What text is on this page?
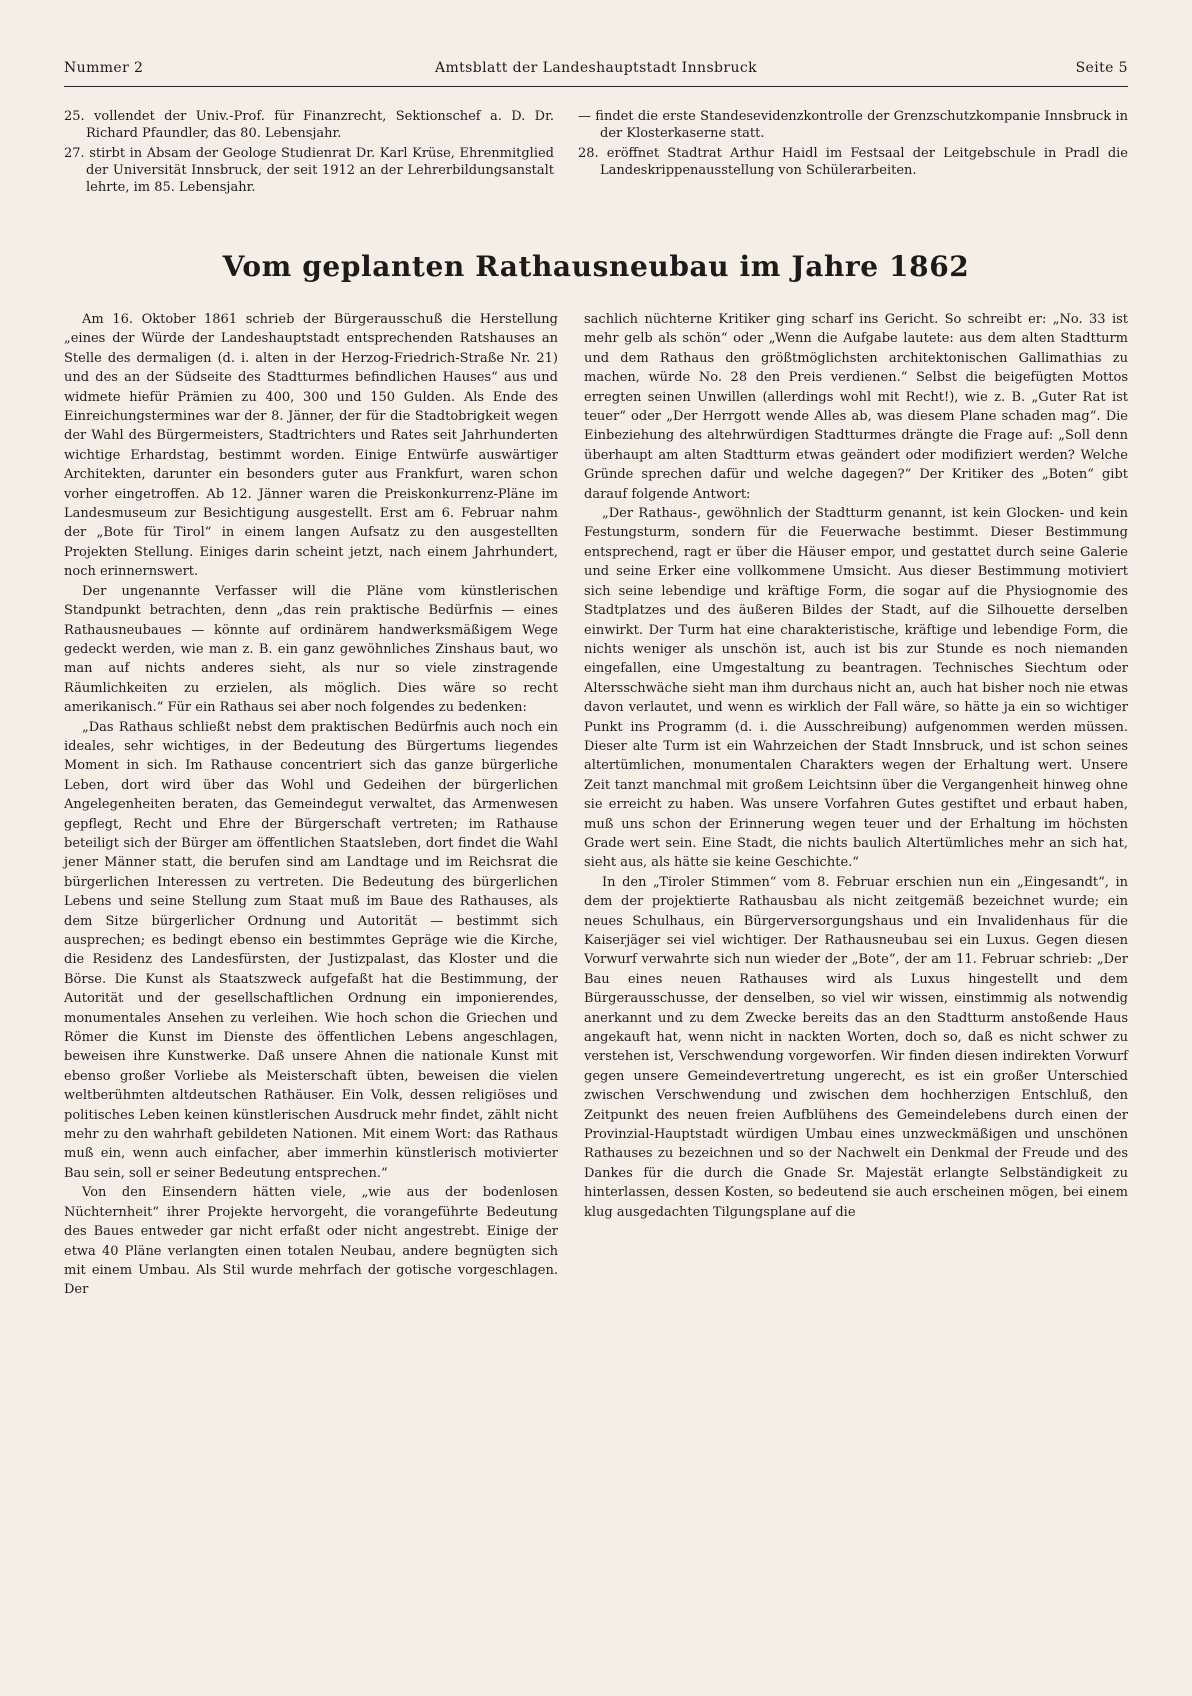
Nummer 2	Amtsblatt der Landeshauptstadt Innsbruck	Seite 5

25. vollendet der Univ.-Prof. für Finanzrecht, Sektionschef a. D. Dr. Richard Pfaundler, das 80. Lebensjahr.

27. stirbt in Absam der Geologe Studienrat Dr. Karl Krüse, Ehrenmitglied der Universität Innsbruck, der seit 1912 an der Lehrerbildungsanstalt lehrte, im 85. Lebensjahr.

— findet die erste Standesevidenzkontrolle der Grenzschutzkompanie Innsbruck in der Klosterkaserne statt.

28. eröffnet Stadtrat Arthur Haidl im Festsaal der Leitgebschule in Pradl die Landeskrippenausstellung von Schülerarbeiten.

Vom geplanten Rathausneubau im Jahre 1862

Am 16. Oktober 1861 schrieb der Bürgerausschuß die Herstellung „eines der Würde der Landeshauptstadt entsprechenden Ratshauses an Stelle des dermaligen (d. i. alten in der Herzog-Friedrich-Straße Nr. 21) und des an der Südseite des Stadtturmes befindlichen Hauses“ aus und widmete hiefür Prämien zu 400, 300 und 150 Gulden. Als Ende des Einreichungstermines war der 8. Jänner, der für die Stadtobrigkeit wegen der Wahl des Bürgermeisters, Stadtrichters und Rates seit Jahrhunderten wichtige Erhardstag, bestimmt worden. Einige Entwürfe auswärtiger Architekten, darunter ein besonders guter aus Frankfurt, waren schon vorher eingetroffen. Ab 12. Jänner waren die Preiskonkurrenz-Pläne im Landesmuseum zur Besichtigung ausgestellt. Erst am 6. Februar nahm der „Bote für Tirol“ in einem langen Aufsatz zu den ausgestellten Projekten Stellung. Einiges darin scheint jetzt, nach einem Jahrhundert, noch erinnernswert.

Der ungenannte Verfasser will die Pläne vom künstlerischen Standpunkt betrachten, denn „das rein praktische Bedürfnis — eines Rathausneubaues — könnte auf ordinärem handwerksmäßigem Wege gedeckt werden, wie man z. B. ein ganz gewöhnliches Zinshaus baut, wo man auf nichts anderes sieht, als nur so viele zinstragende Räumlichkeiten zu erzielen, als möglich. Dies wäre so recht amerikanisch.“ Für ein Rathaus sei aber noch folgendes zu bedenken:

„Das Rathaus schließt nebst dem praktischen Bedürfnis auch noch ein ideales, sehr wichtiges, in der Bedeutung des Bürgertums liegendes Moment in sich. Im Rathause concentriert sich das ganze bürgerliche Leben, dort wird über das Wohl und Gedeihen der bürgerlichen Angelegenheiten beraten, das Gemeindegut verwaltet, das Armenwesen gepflegt, Recht und Ehre der Bürgerschaft vertreten; im Rathause beteiligt sich der Bürger am öffentlichen Staatsleben, dort findet die Wahl jener Männer statt, die berufen sind am Landtage und im Reichsrat die bürgerlichen Interessen zu vertreten. Die Bedeutung des bürgerlichen Lebens und seine Stellung zum Staat muß im Baue des Rathauses, als dem Sitze bürgerlicher Ordnung und Autorität — bestimmt sich ausprechen; es bedingt ebenso ein bestimmtes Gepräge wie die Kirche, die Residenz des Landesfürsten, der Justizpalast, das Kloster und die Börse. Die Kunst als Staatszweck aufgefaßt hat die Bestimmung, der Autorität und der gesellschaftlichen Ordnung ein imponierendes, monumentales Ansehen zu verleihen. Wie hoch schon die Griechen und Römer die Kunst im Dienste des öffentlichen Lebens angeschlagen, beweisen ihre Kunstwerke. Daß unsere Ahnen die nationale Kunst mit ebenso großer Vorliebe als Meisterschaft übten, beweisen die vielen weltberühmten altdeutschen Rathäuser. Ein Volk, dessen religiöses und politisches Leben keinen künstlerischen Ausdruck mehr findet, zählt nicht mehr zu den wahrhaft gebildeten Nationen. Mit einem Wort: das Rathaus muß ein, wenn auch einfacher, aber immerhin künstlerisch motivierter Bau sein, soll er seiner Bedeutung entsprechen.“

Von den Einsendern hätten viele, „wie aus der bodenlosen Nüchternheit“ ihrer Projekte hervorgeht, die vorangeführte Bedeutung des Baues entweder gar nicht erfaßt oder nicht angestrebt. Einige der etwa 40 Pläne verlangten einen totalen Neubau, andere begnügten sich mit einem Umbau. Als Stil wurde mehrfach der gotische vorgeschlagen. Der

sachlich nüchterne Kritiker ging scharf ins Gericht. So schreibt er: „No. 33 ist mehr gelb als schön“ oder „Wenn die Aufgabe lautete: aus dem alten Stadtturm und dem Rathaus den größtmöglichsten architektonischen Gallimathias zu machen, würde No. 28 den Preis verdienen.“ Selbst die beigefügten Mottos erregten seinen Unwillen (allerdings wohl mit Recht!), wie z. B. „Guter Rat ist teuer“ oder „Der Herrgott wende Alles ab, was diesem Plane schaden mag“. Die Einbeziehung des altehrwürdigen Stadtturmes drängte die Frage auf: „Soll denn überhaupt am alten Stadtturm etwas geändert oder modifiziert werden? Welche Gründe sprechen dafür und welche dagegen?“ Der Kritiker des „Boten“ gibt darauf folgende Antwort:

„Der Rathaus-, gewöhnlich der Stadtturm genannt, ist kein Glocken- und kein Festungsturm, sondern für die Feuerwache bestimmt. Dieser Bestimmung entsprechend, ragt er über die Häuser empor, und gestattet durch seine Galerie und seine Erker eine vollkommene Umsicht. Aus dieser Bestimmung motiviert sich seine lebendige und kräftige Form, die sogar auf die Physiognomie des Stadtplatzes und des äußeren Bildes der Stadt, auf die Silhouette derselben einwirkt. Der Turm hat eine charakteristische, kräftige und lebendige Form, die nichts weniger als unschön ist, auch ist bis zur Stunde es noch niemanden eingefallen, eine Umgestaltung zu beantragen. Technisches Siechtum oder Altersschwäche sieht man ihm durchaus nicht an, auch hat bisher noch nie etwas davon verlautet, und wenn es wirklich der Fall wäre, so hätte ja ein so wichtiger Punkt ins Programm (d. i. die Ausschreibung) aufgenommen werden müssen. Dieser alte Turm ist ein Wahrzeichen der Stadt Innsbruck, und ist schon seines altertümlichen, monumentalen Charakters wegen der Erhaltung wert. Unsere Zeit tanzt manchmal mit großem Leichtsinn über die Vergangenheit hinweg ohne sie erreicht zu haben. Was unsere Vorfahren Gutes gestiftet und erbaut haben, muß uns schon der Erinnerung wegen teuer und der Erhaltung im höchsten Grade wert sein. Eine Stadt, die nichts baulich Altertümliches mehr an sich hat, sieht aus, als hätte sie keine Geschichte.“

In den „Tiroler Stimmen“ vom 8. Februar erschien nun ein „Eingesandt“, in dem der projektierte Rathausbau als nicht zeitgemäß bezeichnet wurde; ein neues Schulhaus, ein Bürgerversorgungshaus und ein Invalidenhaus für die Kaiserjäger sei viel wichtiger. Der Rathausneubau sei ein Luxus. Gegen diesen Vorwurf verwahrte sich nun wieder der „Bote“, der am 11. Februar schrieb: „Der Bau eines neuen Rathauses wird als Luxus hingestellt und dem Bürgerausschusse, der denselben, so viel wir wissen, einstimmig als notwendig anerkannt und zu dem Zwecke bereits das an den Stadtturm anstoßende Haus angekauft hat, wenn nicht in nackten Worten, doch so, daß es nicht schwer zu verstehen ist, Verschwendung vorgeworfen. Wir finden diesen indirekten Vorwurf gegen unsere Gemeindevertretung ungerecht, es ist ein großer Unterschied zwischen Verschwendung und zwischen dem hochherzigen Entschluß, den Zeitpunkt des neuen freien Aufblühens des Gemeindelebens durch einen der Provinzial-Hauptstadt würdigen Umbau eines unzweckmäßigen und unschönen Rathauses zu bezeichnen und so der Nachwelt ein Denkmal der Freude und des Dankes für die durch die Gnade Sr. Majestät erlangte Selbständigkeit zu hinterlassen, dessen Kosten, so bedeutend sie auch erscheinen mögen, bei einem klug ausgedachten Tilgungsplane auf die
